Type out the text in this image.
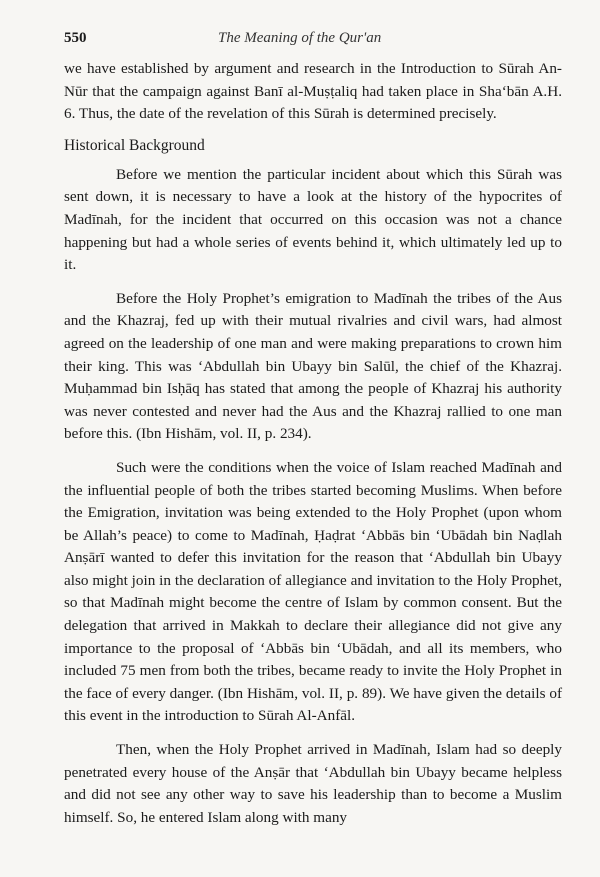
550	The Meaning of the Qur'an

we have established by argument and research in the Introduction to Sūrah An-Nūr that the campaign against Banī al-Muṣṭaliq had taken place in Sha‘bān A.H. 6. Thus, the date of the revelation of this Sūrah is determined precisely.

Historical Background

Before we mention the particular incident about which this Sūrah was sent down, it is necessary to have a look at the history of the hypocrites of Madīnah, for the incident that occurred on this occasion was not a chance happening but had a whole series of events behind it, which ultimately led up to it.

Before the Holy Prophet’s emigration to Madīnah the tribes of the Aus and the Khazraj, fed up with their mutual rivalries and civil wars, had almost agreed on the leadership of one man and were making preparations to crown him their king. This was ‘Abdullah bin Ubayy bin Salūl, the chief of the Khazraj. Muḥammad bin Isḥāq has stated that among the people of Khazraj his authority was never contested and never had the Aus and the Khazraj rallied to one man before this. (Ibn Hishām, vol. II, p. 234).

Such were the conditions when the voice of Islam reached Madīnah and the influential people of both the tribes started becoming Muslims. When before the Emigration, invitation was being extended to the Holy Prophet (upon whom be Allah’s peace) to come to Madīnah, Ḥaḍrat ‘Abbās bin ‘Ubādah bin Naḍlah Anṣārī wanted to defer this invitation for the reason that ‘Abdullah bin Ubayy also might join in the declaration of allegiance and invitation to the Holy Prophet, so that Madīnah might become the centre of Islam by common consent. But the delegation that arrived in Makkah to declare their allegiance did not give any importance to the proposal of ‘Abbās bin ‘Ubādah, and all its members, who included 75 men from both the tribes, became ready to invite the Holy Prophet in the face of every danger. (Ibn Hishām, vol. II, p. 89). We have given the details of this event in the introduction to Sūrah Al-Anfāl.

Then, when the Holy Prophet arrived in Madīnah, Islam had so deeply penetrated every house of the Anṣār that ‘Abdullah bin Ubayy became helpless and did not see any other way to save his leadership than to become a Muslim himself. So, he entered Islam along with many
